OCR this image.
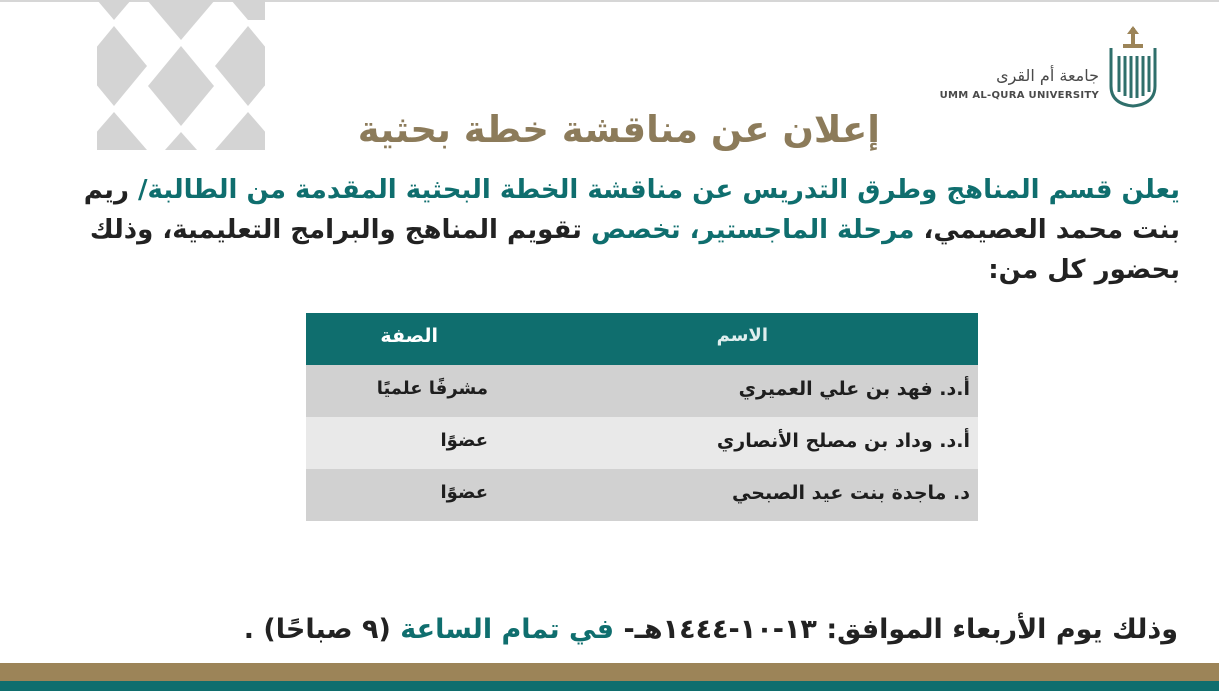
جامعة أم القرى
UMM AL-QURA UNIVERSITY
إعلان عن مناقشة خطة بحثية
يعلن قسم المناهج وطرق التدريس عن مناقشة الخطة البحثية المقدمة من الطالبة/ ريم بنت محمد العصيمي، مرحلة الماجستير، تخصص تقويم المناهج والبرامج التعليمية، وذلك بحضور كل من:
الاسم
الصفة
أ.د. فهد بن علي العميري
مشرفًا علميًا
أ.د. وداد بن مصلح الأنصاري
عضوًا
د. ماجدة بنت عيد الصبحي
عضوًا
وذلك يوم الأربعاء الموافق: ١٣-١٠-١٤٤٤هـ- في تمام الساعة (٩ صباحًا) .
